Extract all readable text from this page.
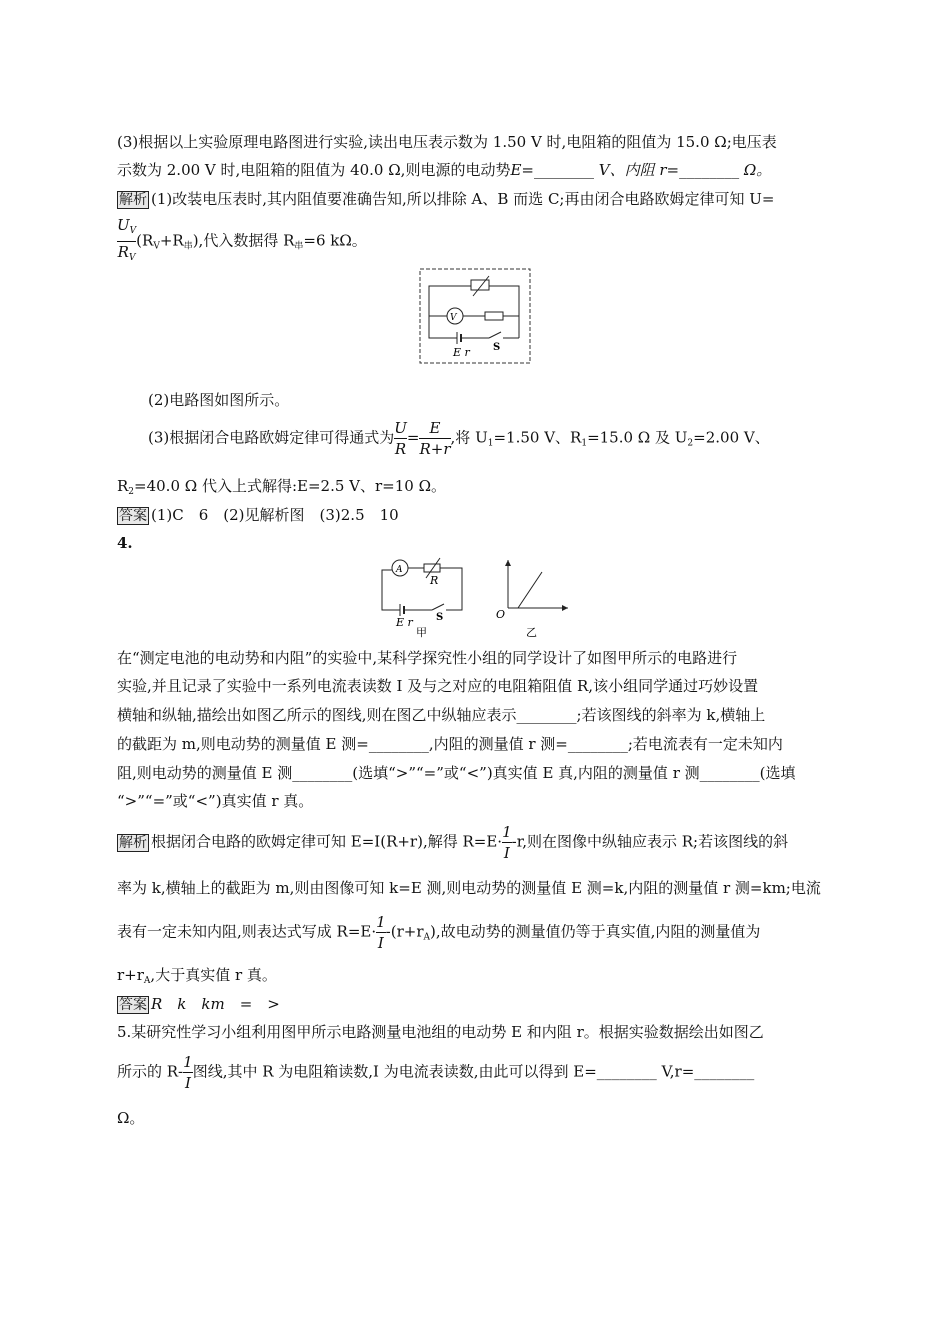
(3)根据以上实验原理电路图进行实验,读出电压表示数为 1.50 V 时,电阻箱的阻值为 15.0 Ω;电压表
示数为 2.00 V 时,电阻箱的阻值为 40.0 Ω,则电源的电动势E=________ V、内阻 r=________ Ω。
解析 (1)改装电压表时,其内阻值要准确告知,所以排除 A、B 而选 C;再由闭合电路欧姆定律可知 U=
$\frac{U_V}{R_V} (R_V+R_串)$,代入数据得 $R_串=6$ kΩ。
V
E r S
(2)电路图如图所示。
(3)根据闭合电路欧姆定律可得通式为 $\frac{U}{R} = \frac{E}{R+r}$ ,将 $U_1=1.50$ V、$R_1=15.0$ Ω 及 $U_2=2.00$ V、
$R_2=40.0$ Ω 代入上式解得:E=2.5 V、r=10 Ω。
答案 (1)C　6　(2)见解析图　(3)2.5　10
4.
A
R
E r S
甲
O
乙
在“测定电池的电动势和内阻”的实验中,某科学探究性小组的同学设计了如图甲所示的电路进行
实验,并且记录了实验中一系列电流表读数 I 及与之对应的电阻箱阻值 R,该小组同学通过巧妙设置
横轴和纵轴,描绘出如图乙所示的图线,则在图乙中纵轴应表示________;若该图线的斜率为 k,横轴上
的截距为 m,则电动势的测量值 E 测=________,内阻的测量值 r 测=________;若电流表有一定未知内
阻,则电动势的测量值 E 测________(选填“>”“=”或“<”)真实值 E 真,内阻的测量值 r 测________(选填
“>”“=”或“<”)真实值 r 真。
解析 根据闭合电路的欧姆定律可知 E=I(R+r),解得 $R=E\cdot \frac{1}{I} -r$,则在图像中纵轴应表示 R;若该图线的斜
率为 k,横轴上的截距为 m,则由图像可知 k=E 测,则电动势的测量值 E 测=k,内阻的测量值 r 测=km;电流
表有一定未知内阻,则表达式写成 $R=E\cdot \frac{1}{I} -(r+r_A)$,故电动势的测量值仍等于真实值,内阻的测量值为
$r+r_A$,大于真实值 r 真。
答案 R　k　km　=　>
5.某研究性学习小组利用图甲所示电路测量电池组的电动势 E 和内阻 r。根据实验数据绘出如图乙
所示的 $R- \frac{1}{I}$ 图线,其中 R 为电阻箱读数,I 为电流表读数,由此可以得到 E=________ V,r=________
Ω。
